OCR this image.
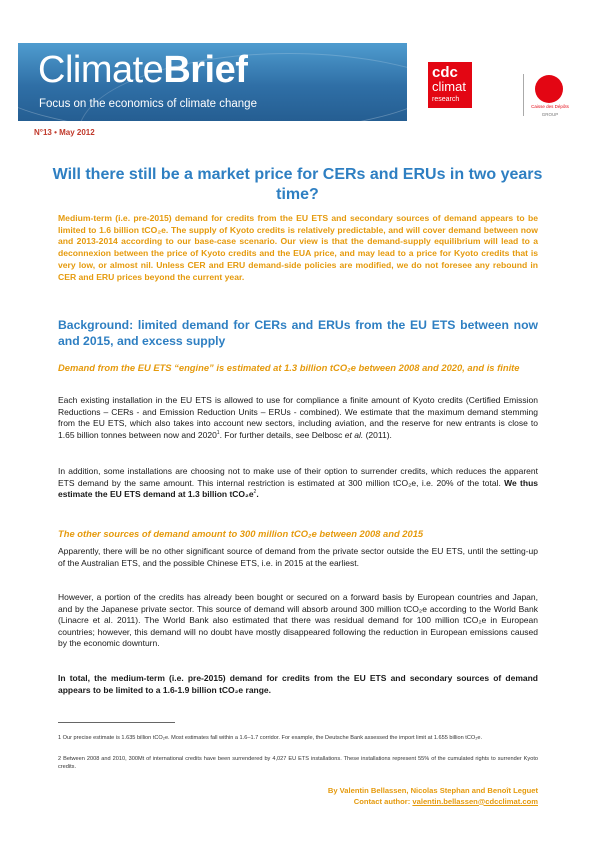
ClimateBrief
Focus on the economics of climate change
cdc
climat
research
Caisse des Dépôts
GROUP
N°13 • May 2012
Will there still be a market price for CERs and ERUs in two years time?
Medium-term (i.e. pre-2015) demand for credits from the EU ETS and secondary sources of demand appears to be limited to 1.6 billion tCO₂e. The supply of Kyoto credits is relatively predictable, and will cover demand between now and 2013-2014 according to our base-case scenario. Our view is that the demand-supply equilibrium will lead to a deconnexion between the price of Kyoto credits and the EUA price, and may lead to a price for Kyoto credits that is very low, or almost nil. Unless CER and ERU demand-side policies are modified, we do not foresee any rebound in CER and ERU prices beyond the current year.
Background: limited demand for CERs and ERUs from the EU ETS between now and 2015, and excess supply
Demand from the EU ETS “engine” is estimated at 1.3 billion tCO₂e between 2008 and 2020, and is finite
Each existing installation in the EU ETS is allowed to use for compliance a finite amount of Kyoto credits (Certified Emission Reductions – CERs - and Emission Reduction Units – ERUs - combined). We estimate that the maximum demand stemming from the EU ETS, which also takes into account new sectors, including aviation, and the reserve for new entrants is close to 1.65 billion tonnes between now and 2020$^1$. For further details, see Delbosc et al. (2011).
In addition, some installations are choosing not to make use of their option to surrender credits, which reduces the apparent ETS demand by the same amount. This internal restriction is estimated at 300 million tCO₂e, i.e. 20% of the total. We thus estimate the EU ETS demand at 1.3 billion $tCO_2e^2$.
The other sources of demand amount to 300 million tCO₂e between 2008 and 2015
Apparently, there will be no other significant source of demand from the private sector outside the EU ETS, until the setting-up of the Australian ETS, and the possible Chinese ETS, i.e. in 2015 at the earliest.
However, a portion of the credits has already been bought or secured on a forward basis by European countries and Japan, and by the Japanese private sector. This source of demand will absorb around 300 million tCO₂e according to the World Bank (Linacre et al. 2011). The World Bank also estimated that there was residual demand for 100 million tCO₂e in European countries; however, this demand will no doubt have mostly disappeared following the reduction in European emissions caused by the economic downturn.
In total, the medium-term (i.e. pre-2015) demand for credits from the EU ETS and secondary sources of demand appears to be limited to a 1.6-1.9 billion tCO₂e range.
1 Our precise estimate is 1.635 billion tCO₂e. Most estimates fall within a 1.6–1.7 corridor. For example, the Deutsche Bank assessed the import limit at 1.655 billion tCO₂e.
2 Between 2008 and 2010, 300Mt of international credits have been surrendered by 4,027 EU ETS installations. These installations represent 55% of the cumulated rights to surrender Kyoto credits.
By Valentin Bellassen, Nicolas Stephan and Benoît Leguet
Contact author: valentin.bellassen@cdcclimat.com
